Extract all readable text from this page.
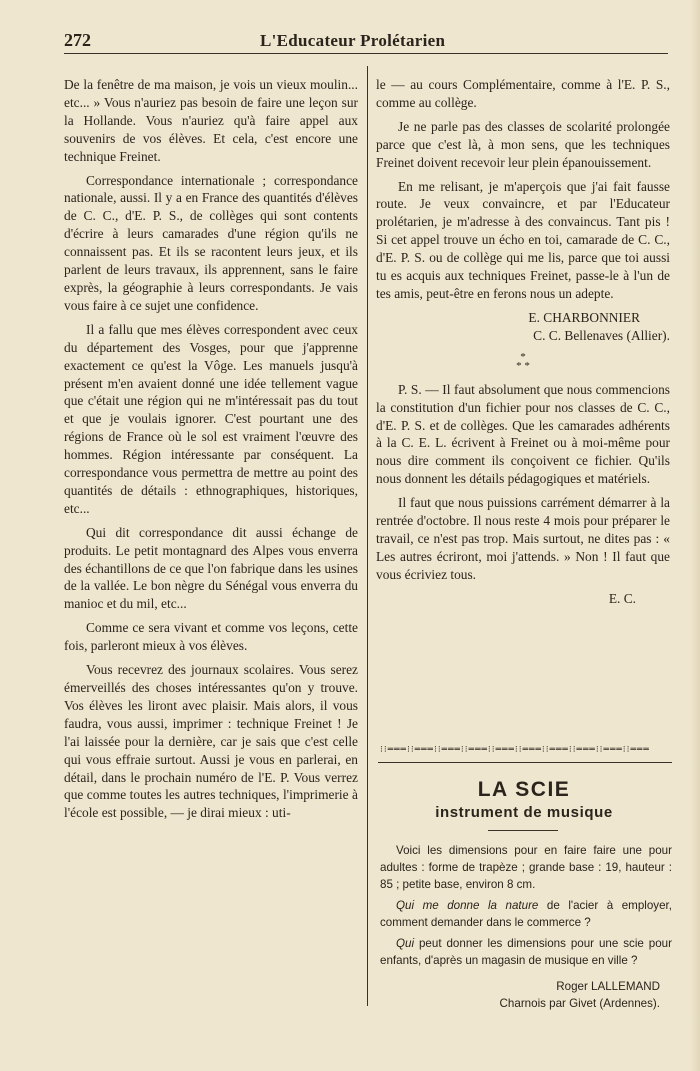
272	L'Educateur Prolétarien

De la fenêtre de ma maison, je vois un vieux moulin... etc... » Vous n'auriez pas besoin de faire une leçon sur la Hollande. Vous n'auriez qu'à faire appel aux souvenirs de vos élèves. Et cela, c'est encore une technique Freinet.

Correspondance internationale ; correspondance nationale, aussi. Il y a en France des quantités d'élèves de C. C., d'E. P. S., de collèges qui sont contents d'écrire à leurs camarades d'une région qu'ils ne connaissent pas. Et ils se racontent leurs jeux, et ils parlent de leurs travaux, ils apprennent, sans le faire exprès, la géographie à leurs correspondants. Je vais vous faire à ce sujet une confidence.

Il a fallu que mes élèves correspondent avec ceux du département des Vosges, pour que j'apprenne exactement ce qu'est la Vôge. Les manuels jusqu'à présent m'en avaient donné une idée tellement vague que c'était une région qui ne m'intéressait pas du tout et que je voulais ignorer. C'est pourtant une des régions de France où le sol est vraiment l'œuvre des hommes. Région intéressante par conséquent. La correspondance vous permettra de mettre au point des quantités de détails : ethnographiques, historiques, etc...

Qui dit correspondance dit aussi échange de produits. Le petit montagnard des Alpes vous enverra des échantillons de ce que l'on fabrique dans les usines de la vallée. Le bon nègre du Sénégal vous enverra du manioc et du mil, etc...

Comme ce sera vivant et comme vos leçons, cette fois, parleront mieux à vos élèves.

Vous recevrez des journaux scolaires. Vous serez émerveillés des choses intéressantes qu'on y trouve. Vos élèves les liront avec plaisir. Mais alors, il vous faudra, vous aussi, imprimer : technique Freinet ! Je l'ai laissée pour la dernière, car je sais que c'est celle qui vous effraie surtout. Aussi je vous en parlerai, en détail, dans le prochain numéro de l'E. P. Vous verrez que comme toutes les autres techniques, l'imprimerie à l'école est possible, — je dirai mieux : uti-

le — au cours Complémentaire, comme à l'E. P. S., comme au collège.

Je ne parle pas des classes de scolarité prolongée parce que c'est là, à mon sens, que les techniques Freinet doivent recevoir leur plein épanouissement.

En me relisant, je m'aperçois que j'ai fait fausse route. Je veux convaincre, et par l'Educateur prolétarien, je m'adresse à des convaincus. Tant pis ! Si cet appel trouve un écho en toi, camarade de C. C., d'E. P. S. ou de collège qui me lis, parce que toi aussi tu es acquis aux techniques Freinet, passe-le à l'un de tes amis, peut-être en ferons nous un adepte.

E. CHARBONNIER
C. C. Bellenaves (Allier).
*
* *

P. S. — Il faut absolument que nous commencions la constitution d'un fichier pour nos classes de C. C., d'E. P. S. et de collèges. Que les camarades adhérents à la C. E. L. écrivent à Freinet ou à moi-même pour nous dire comment ils conçoivent ce fichier. Qu'ils nous donnent les détails pédagogiques et matériels.

Il faut que nous puissions carrément démarrer à la rentrée d'octobre. Il nous reste 4 mois pour préparer le travail, ce n'est pas trop. Mais surtout, ne dites pas : « Les autres écriront, moi j'attends. » Non ! Il faut que vous écriviez tous.

E. C.
⁝⁝═══⁝⁝═══⁝⁝═══⁝⁝═══⁝⁝═══⁝⁝═══⁝⁝═══⁝⁝═══⁝⁝═══⁝⁝═══
LA SCIE
instrument de musique

Voici les dimensions pour en faire faire une pour adultes : forme de trapèze ; grande base : 19, hauteur : 85 ; petite base, environ 8 cm.

Qui me donne la nature de l'acier à employer, comment demander dans le commerce ?

Qui peut donner les dimensions pour une scie pour enfants, d'après un magasin de musique en ville ?

Roger LALLEMAND
Charnois par Givet (Ardennes).
